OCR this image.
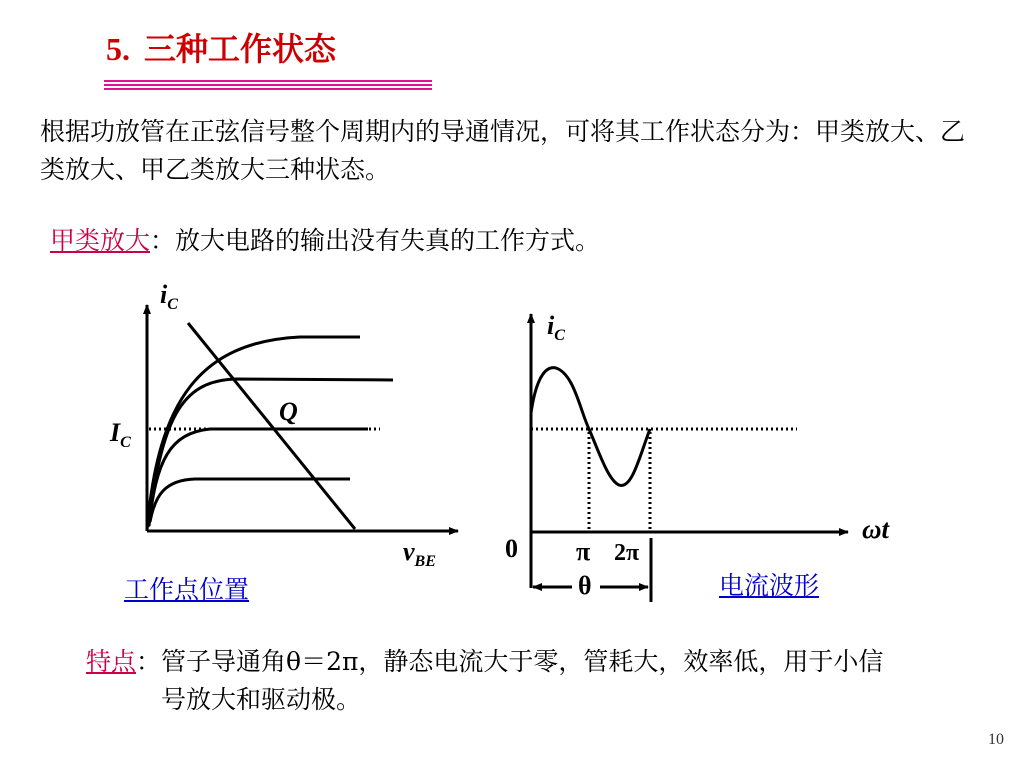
5. 三种工作状态
根据功放管在正弦信号整个周期内的导通情况，可将其工作状态分为：甲类放大、乙类放大、甲乙类放大三种状态。
甲类放大：放大电路的输出没有失真的工作方式。
$i_C$
$v_{BE}$
$I_C$
Q
$i_C$
ωt
0 π 2π
θ
工作点位置	电流波形
特点：管子导通角θ＝2π，静态电流大于零，管耗大，效率低，用于小信号放大和驱动极。
10
